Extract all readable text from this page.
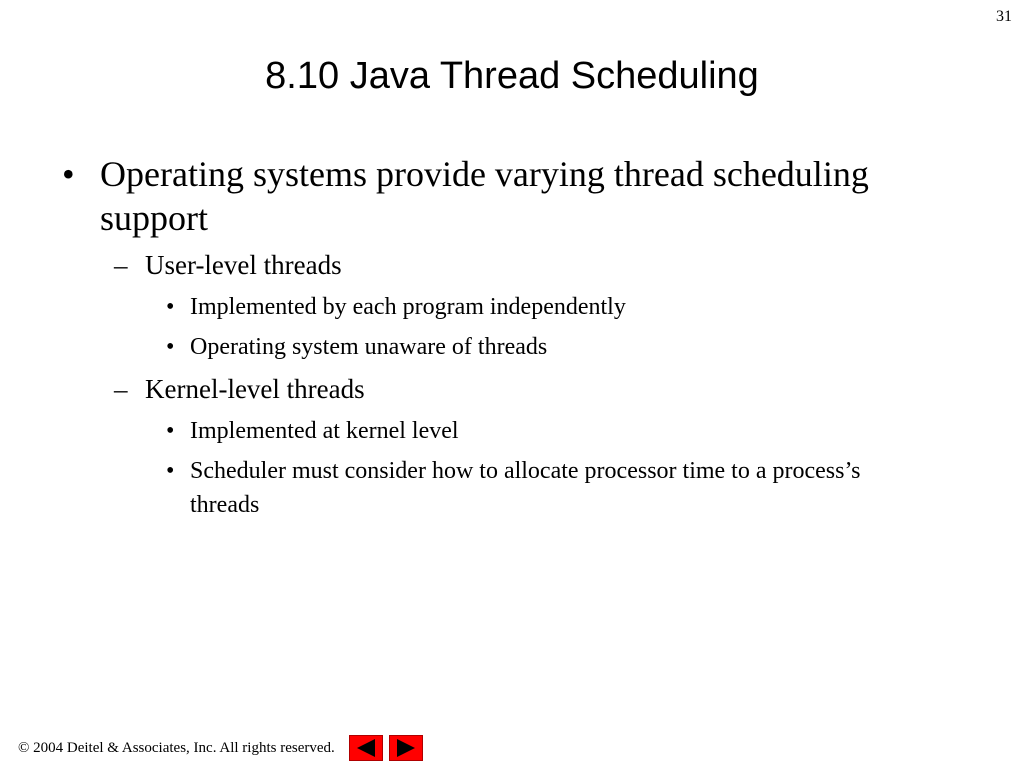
31
8.10 Java Thread Scheduling
• Operating systems provide varying thread scheduling support
– User-level threads
• Implemented by each program independently
• Operating system unaware of threads
– Kernel-level threads
• Implemented at kernel level
• Scheduler must consider how to allocate processor time to a process’s threads
© 2004 Deitel & Associates, Inc. All rights reserved.
